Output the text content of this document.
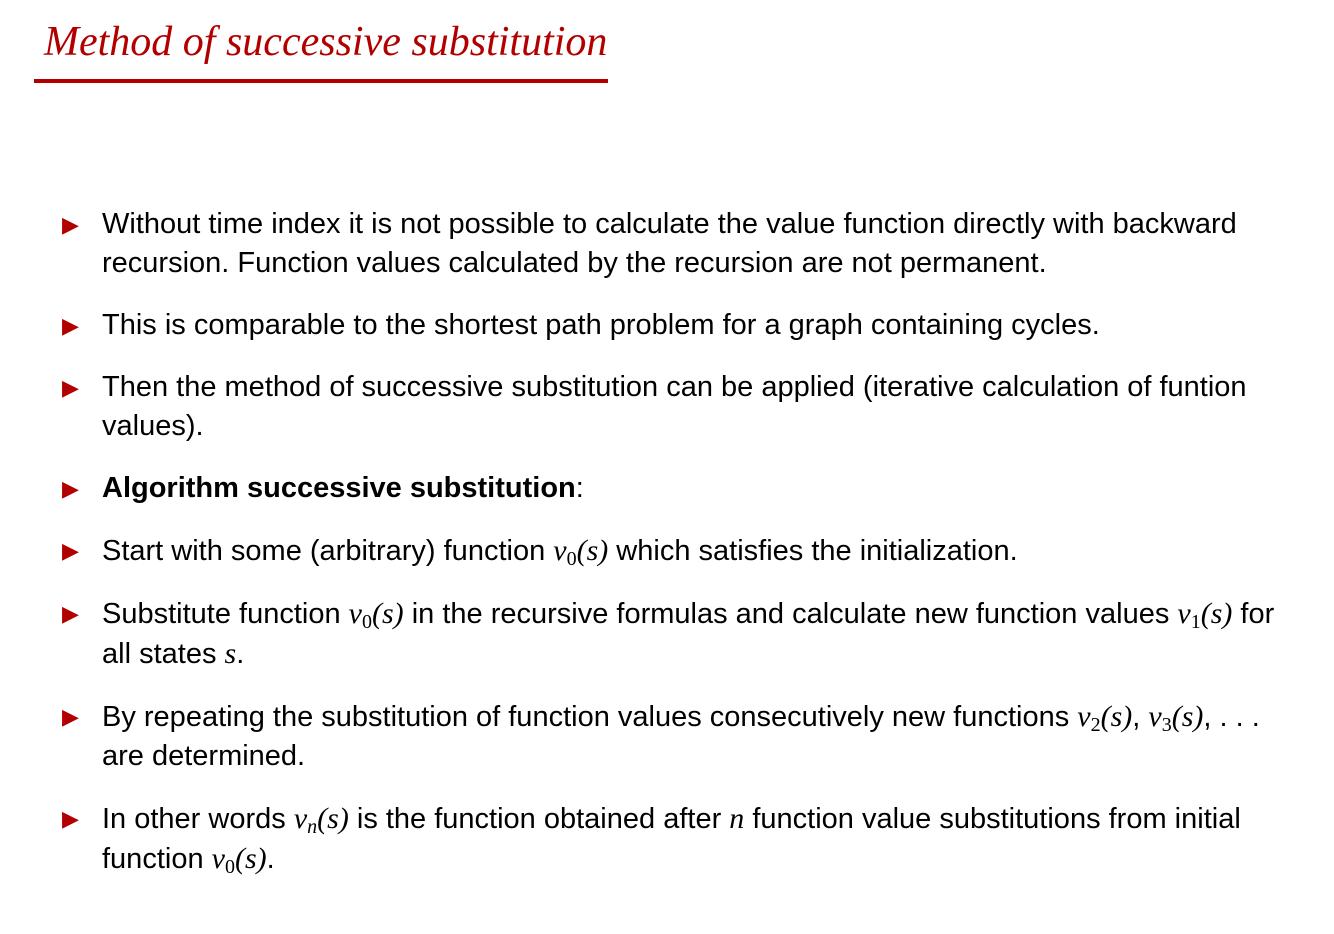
Method of successive substitution
▶ Without time index it is not possible to calculate the value function directly with backward recursion. Function values calculated by the recursion are not permanent.
▶ This is comparable to the shortest path problem for a graph containing cycles.
▶ Then the method of successive substitution can be applied (iterative calculation of funtion values).
▶ Algorithm successive substitution:
▶ Start with some (arbitrary) function $v_0(s)$ which satisfies the initialization.
▶ Substitute function $v_0(s)$ in the recursive formulas and calculate new function values $v_1(s)$ for all states s.
▶ By repeating the substitution of function values consecutively new functions $v_2(s)$, $v_3(s)$, . . . are determined.
▶ In other words $v_n(s)$ is the function obtained after n function value substitutions from initial function $v_0(s)$.
